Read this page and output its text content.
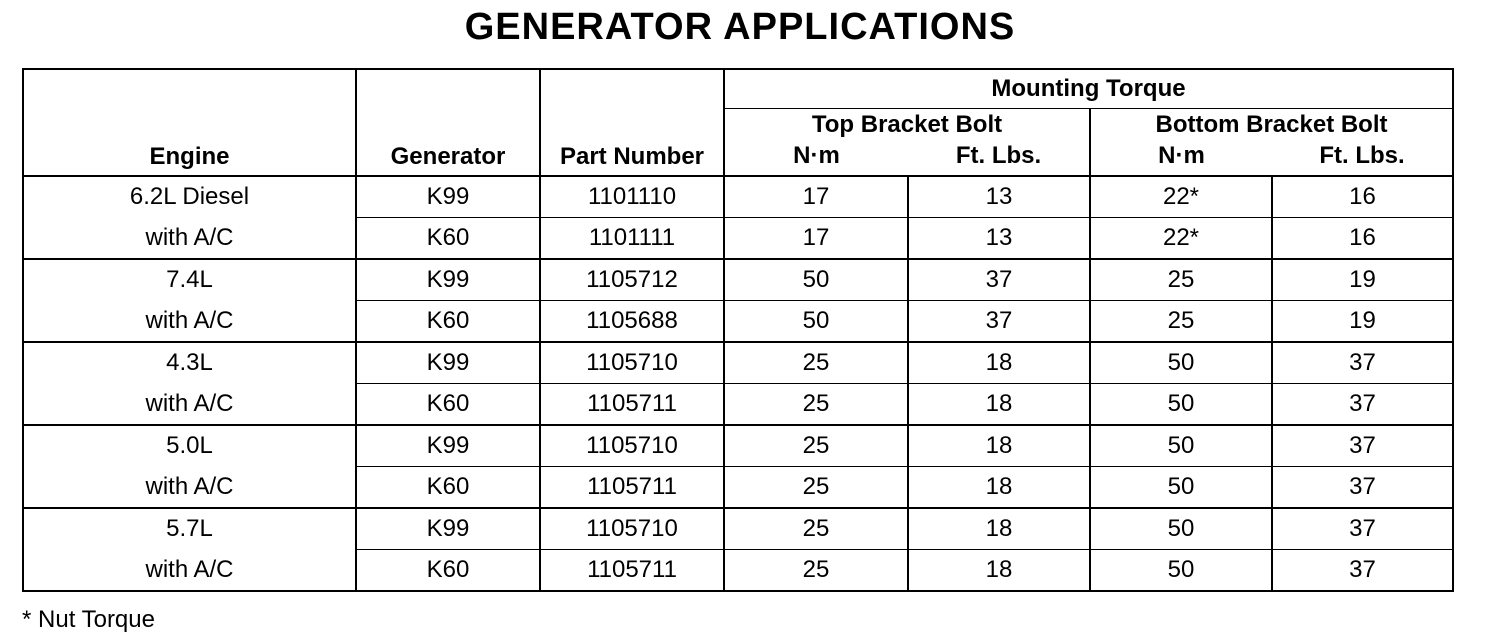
GENERATOR APPLICATIONS
Engine	Generator	Part Number	Mounting Torque			
			Top Bracket Bolt		Bottom Bracket Bolt	
			N·m	Ft. Lbs.	N·m	Ft. Lbs.
6.2L Diesel	K99	1101110	17	13	22*	16
with A/C	K60	1101111	17	13	22*	16
7.4L	K99	1105712	50	37	25	19
with A/C	K60	1105688	50	37	25	19
4.3L	K99	1105710	25	18	50	37
with A/C	K60	1105711	25	18	50	37
5.0L	K99	1105710	25	18	50	37
with A/C	K60	1105711	25	18	50	37
5.7L	K99	1105710	25	18	50	37
with A/C	K60	1105711	25	18	50	37
* Nut Torque
